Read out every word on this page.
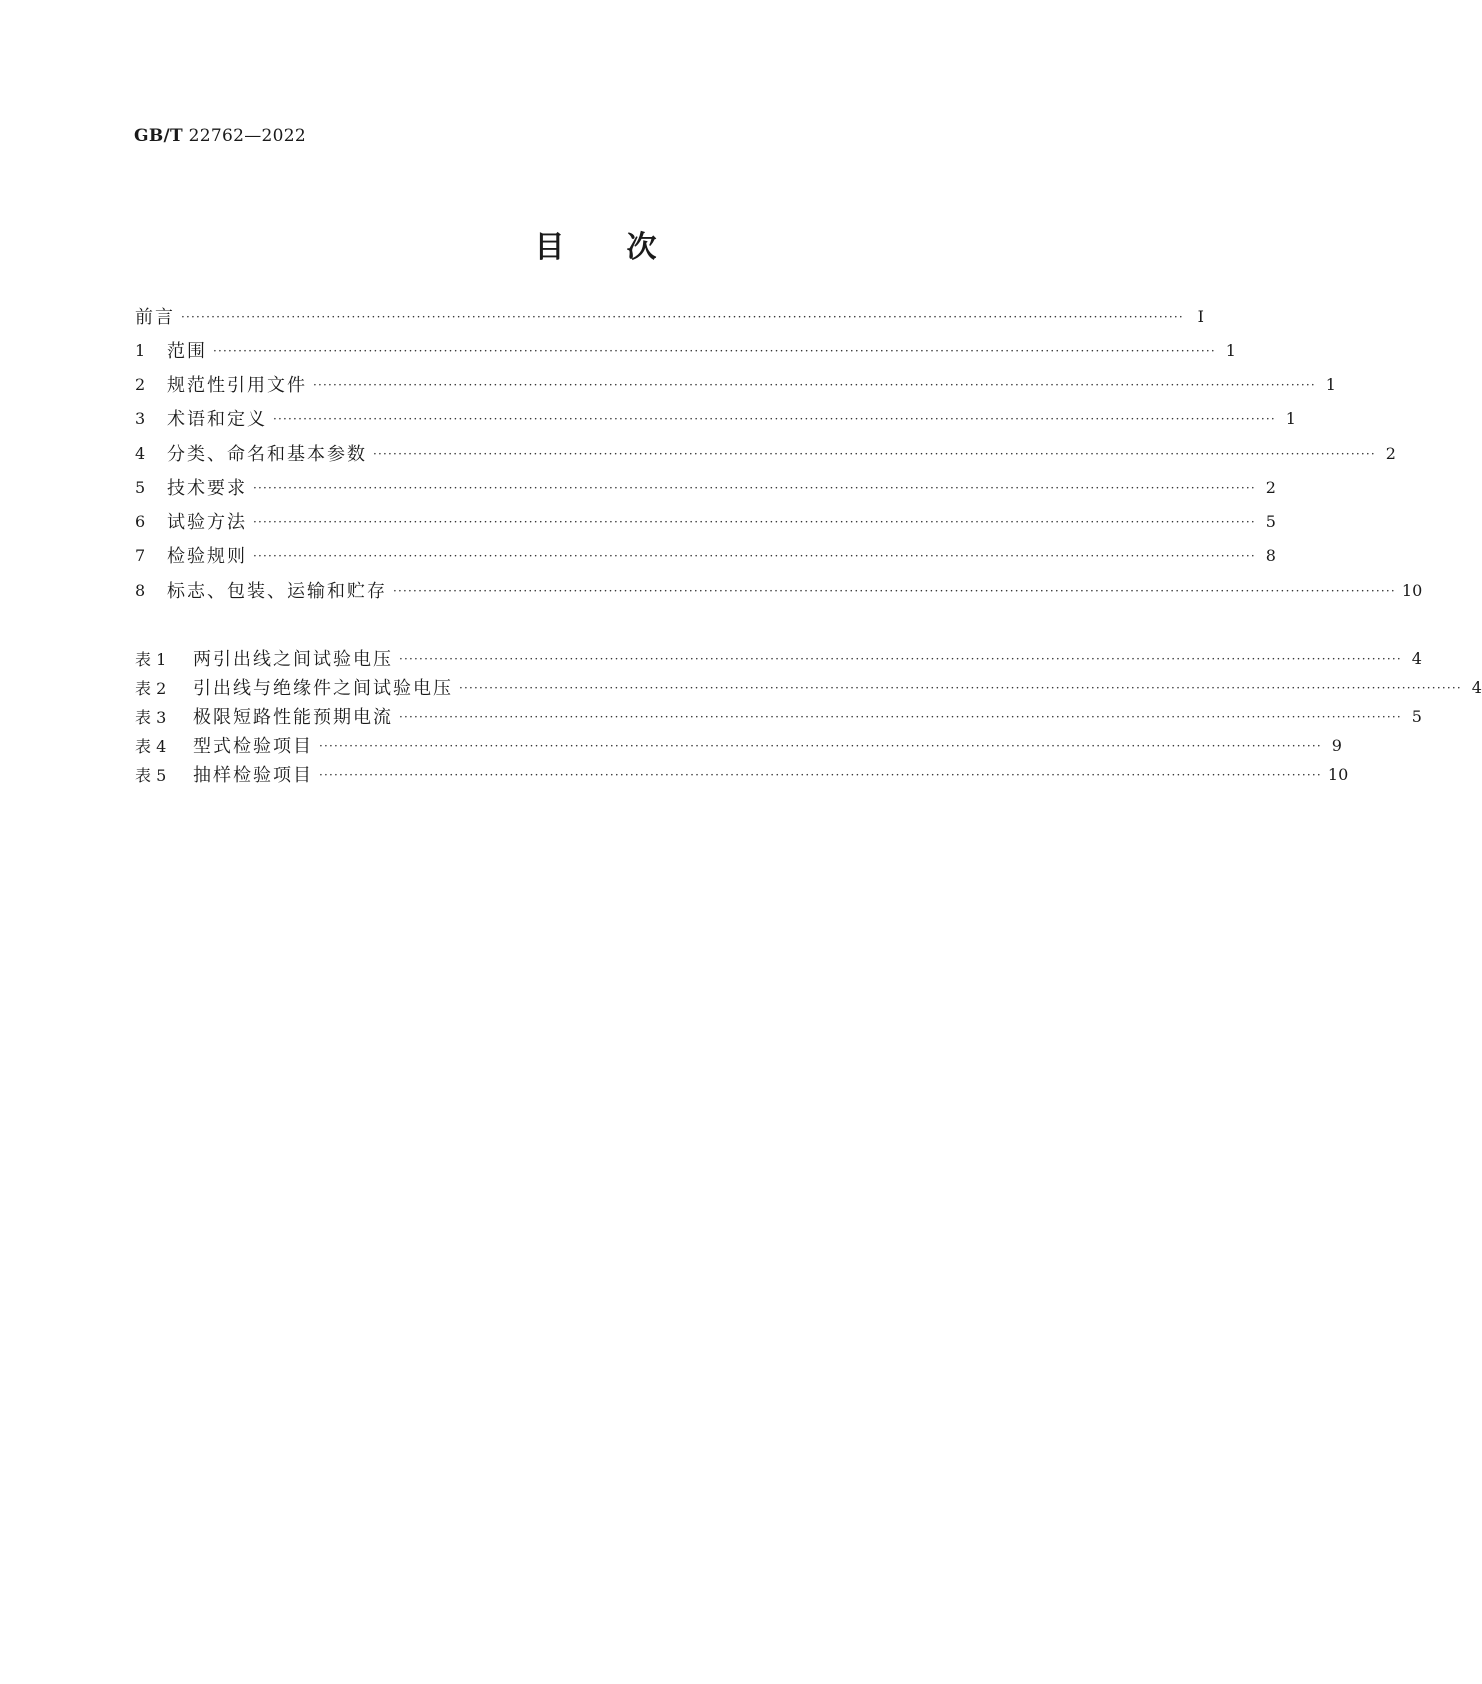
GB/T 22762—2022
目 次
前言 ········································································································································································································ Ⅰ
1	范围 ········································································································································································································ 1
2	规范性引用文件 ········································································································································································································ 1
3	术语和定义 ········································································································································································································ 1
4	分类、命名和基本参数 ········································································································································································································ 2
5	技术要求 ········································································································································································································ 2
6	试验方法 ········································································································································································································ 5
7	检验规则 ········································································································································································································ 8
8	标志、包装、运输和贮存 ········································································································································································································ 10
表 1	两引出线之间试验电压 ········································································································································································································ 4
表 2	引出线与绝缘件之间试验电压 ········································································································································································································ 4
表 3	极限短路性能预期电流 ········································································································································································································ 5
表 4	型式检验项目 ········································································································································································································ 9
表 5	抽样检验项目 ········································································································································································································ 10
